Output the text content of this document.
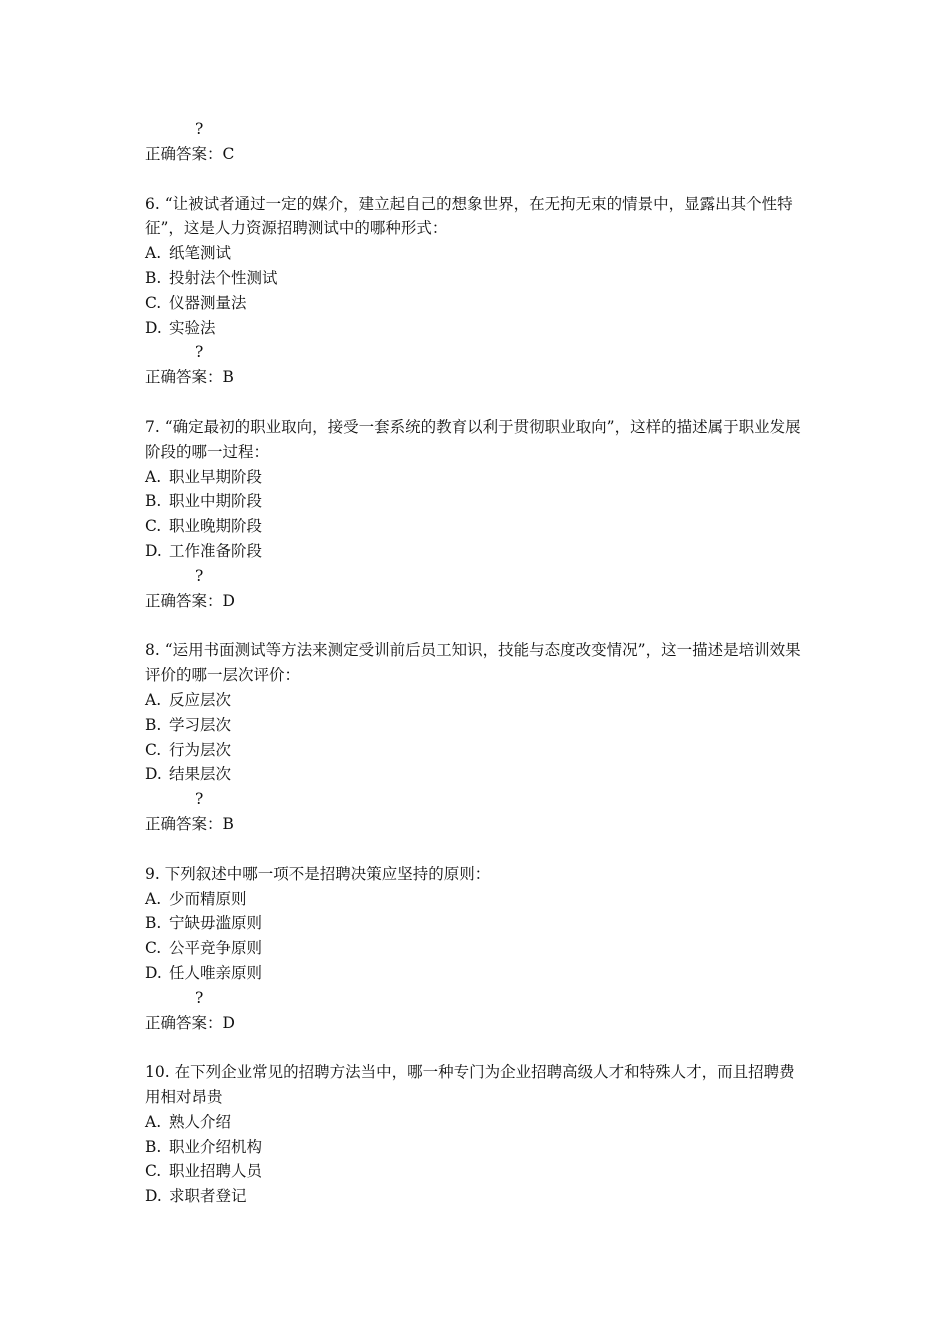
?
正确答案：C
6. “让被试者通过一定的媒介，建立起自己的想象世界，在无拘无束的情景中，显露出其个性特征”，这是人力资源招聘测试中的哪种形式：
A. 纸笔测试
B. 投射法个性测试
C. 仪器测量法
D. 实验法
?
正确答案：B
7. “确定最初的职业取向，接受一套系统的教育以利于贯彻职业取向”，这样的描述属于职业发展阶段的哪一过程：
A. 职业早期阶段
B. 职业中期阶段
C. 职业晚期阶段
D. 工作准备阶段
?
正确答案：D
8. “运用书面测试等方法来测定受训前后员工知识，技能与态度改变情况”，这一描述是培训效果评价的哪一层次评价：
A. 反应层次
B. 学习层次
C. 行为层次
D. 结果层次
?
正确答案：B
9. 下列叙述中哪一项不是招聘决策应坚持的原则：
A. 少而精原则
B. 宁缺毋滥原则
C. 公平竞争原则
D. 任人唯亲原则
?
正确答案：D
10. 在下列企业常见的招聘方法当中，哪一种专门为企业招聘高级人才和特殊人才，而且招聘费用相对昂贵
A. 熟人介绍
B. 职业介绍机构
C. 职业招聘人员
D. 求职者登记
